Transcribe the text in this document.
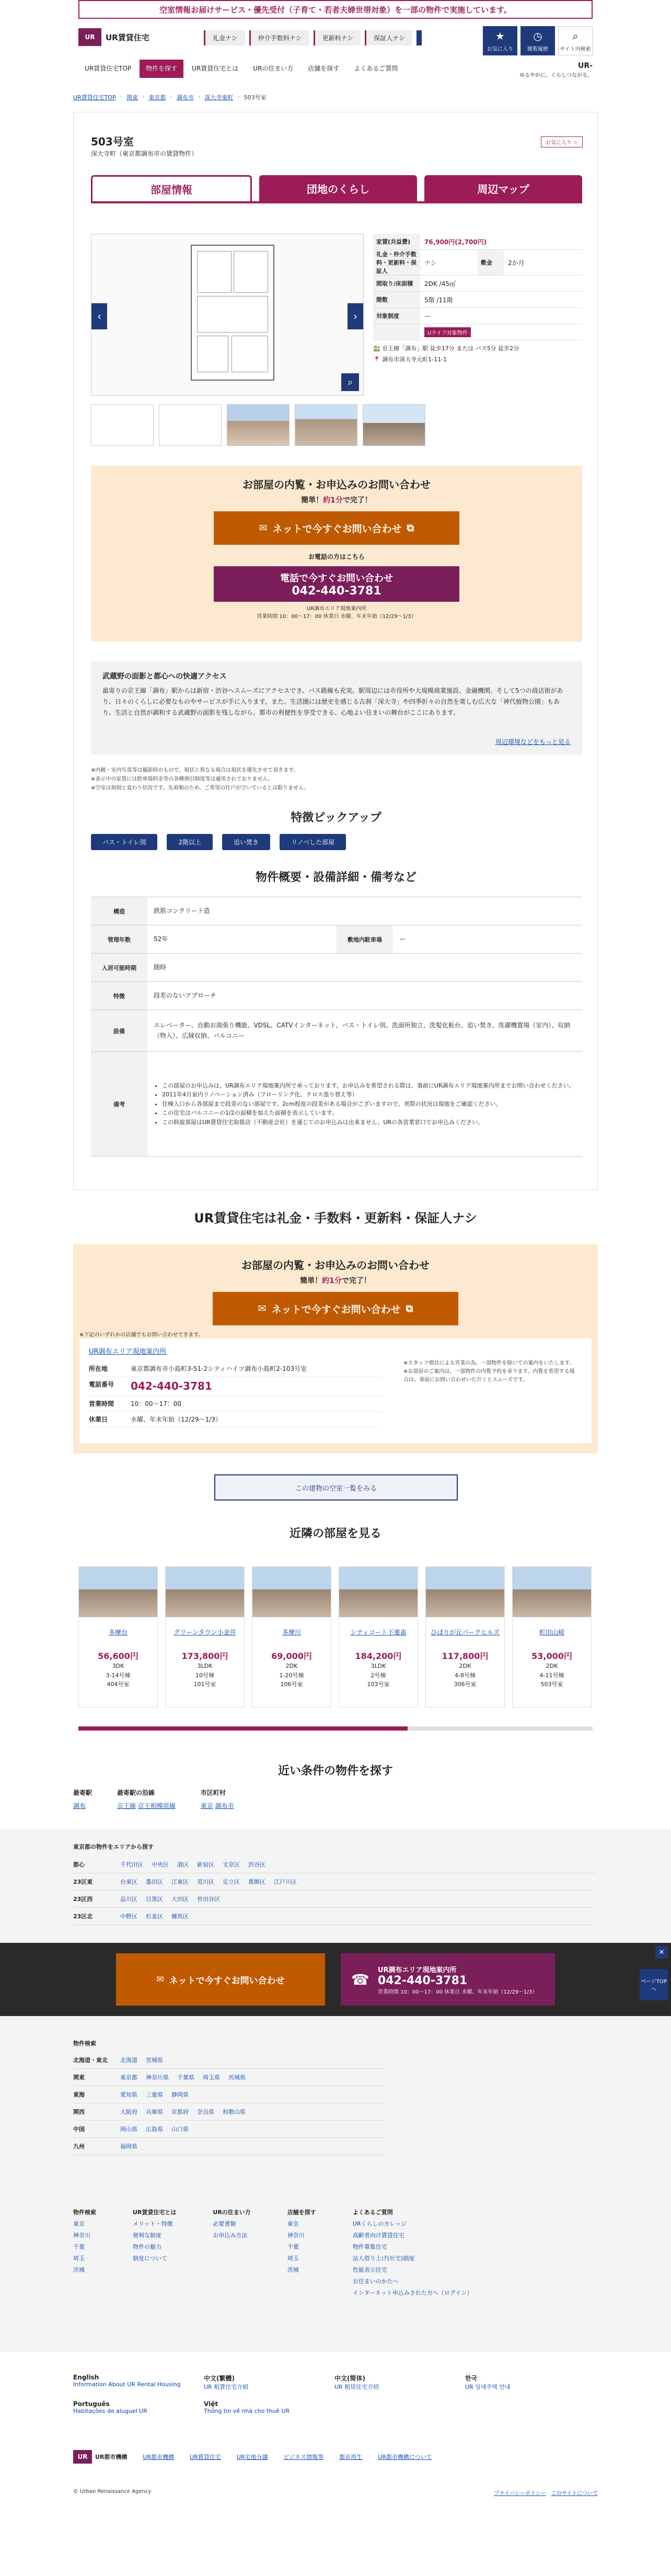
空室情報お届けサービス・優先受付（子育て・若者夫婦世帯対象）を一部の物件で実施しています。
UR	UR賃貸住宅	礼金ナシ	仲介手数料ナシ	更新料ナシ	保証人ナシ	★
お気に入り
◷
閲覧履歴
⌕
サイト内検索
UR賃貸住宅TOP	物件を探す	UR賃貸住宅とは	URの住まい方	店舗を探す	よくあるご質問	UR-
ゆるやかに、くらしつながる。
UR賃貸住宅TOP › 関東 › 東京都 › 調布市 › 深大寺東町 › 503号室
503号室
深大寺町（東京都調布市の賃貸物件）
お気に入り ☆
部屋情報	団地のくらし	周辺マップ
‹	›
⌕
家賃(共益費)	76,900円(2,700円)
礼金・仲介手数料・更新料・保証人
ナシ	敷金	2か月
間取り/床面積	2DK /45㎡
階数	5階 /11階
対象制度	ー
Uライフ対象物件
🚉 京王線「調布」駅 徒歩17分 または バス5分 徒歩2分
📍 調布市深大寺元町1-11-1
お部屋の内覧・お申込みのお問い合わせ
簡単！約1分で完了！
✉ ネットで今すぐお問い合わせ ⧉
お電話の方はこちら
電話で今すぐお問い合わせ
042-440-3781
UR調布エリア現地案内所
営業時間 10：00〜17：00 休業日 水曜、年末年始（12/29〜1/3）
武蔵野の面影と都心への快適アクセス

最寄りの京王線「調布」駅からは新宿・渋谷へスムーズにアクセスでき、バス路線も充実。駅周辺には市役所や大規模商業施設、金融機関、そして5つの商店街があり、日々のくらしに必要なものやサービスが手に入ります。また、生活圏には歴史を感じる古刹「深大寺」や四季折々の自然を楽しむ広大な「神代植物公園」もあり、生活と自然が調和する武蔵野の面影を残しながら、都市の利便性を享受できる、心地よい住まいの舞台がここにあります。

周辺環境などをもっと見る
※内観・室内写真等は撮影時のもので、現状と異なる場合は現状を優先させて頂きます。
※表示中の家賃には駐車場料金等の各種割引制度等は適用されておりません。
※空室は刻刻と変わり状況です。先着順のため、ご希望の住戸が空いているとは限りません。
特徴ピックアップ
バス・トイレ別	2階以上	追い焚き	リノベした部屋
物件概要・設備詳細・備考など
構造	鉄筋コンクリート造
管理年数	52年	敷地内駐車場	ー
入居可能時期	随時
特徴	段差のないアプローチ
設備
エレベーター、自動お湯張り機能、VDSL、CATVインターネット、バス・トイレ別、洗面所独立、洗髪化粧台、追い焚き、洗濯機置場（室内）、収納（物入）、広縁収納、バルコニー
備考
• この部屋のお申込みは、UR調布エリア現地案内所で承っております。お申込みを希望される際は、事前にUR調布エリア現地案内所までお問い合わせください。
• 2011年4月室内リノベーション済み（フローリング化、クロス張り替え等）
• 住棟入口から各部屋まで段差のない部屋です。2cm程度の段差がある場合がございますので、実際の状況は現地をご確認ください。
• この住宅はバルコニーの1/2の面積を加えた面積を表示しています。
• この斡旋部屋はUR賃貸住宅取扱店（不動産会社）を通じてのお申込みは出来ません。URの各営業窓口でお申込みください。
UR賃貸住宅は礼金・手数料・更新料・保証人ナシ
お部屋の内覧・お申込みのお問い合わせ
簡単！約1分で完了！
✉ ネットで今すぐお問い合わせ ⧉
※下記のいずれかの店舗でもお問い合わせできます。
UR調布エリア現地案内所
所在地	東京都調布市小島町3-51-2シティハイツ調布小島町2-103号室
電話番号	042-440-3781
営業時間	10：00〜17：00
休業日	水曜、年末年始（12/29〜1/3）
※スタッフ増員による営業の為、一部物件を除いての案内をいたします。※お部屋のご案内は、一部物件の内覧予約を承ります。内覧を希望する場合は、事前にお問い合わせいただくとスムーズです。
この建物の空室一覧をみる
近隣の部屋を見る
多摩台
56,600円
3DK
3-14号棟
404号室
グリーンタウン小金井
173,800円
3LDK
10号棟
101号室
多摩川
69,000円
2DK
1-20号棟
106号室
シティコート下連雀
184,200円
3LDK
2号棟
103号室
ひばりが丘パークヒルズ
117,800円
2DK
4-8号棟
306号室
町田山崎
53,000円
2DK
4-11号棟
503号室
近い条件の物件を探す
最寄駅
調布
最寄駅の沿線
京王線 京王相模原線
市区町村
東京 調布市
東京都の物件をエリアから探す
都心	千代田区 中央区 港区 新宿区 文京区 渋谷区
23区東	台東区 墨田区 江東区 荒川区 足立区 葛飾区 江戸川区
23区西	品川区 目黒区 大田区 世田谷区
23区北	中野区 杉並区 練馬区
✉ ネットで今すぐお問い合わせ	☎
UR調布エリア現地案内所
042-440-3781
営業時間 10：00〜17：00 休業日 水曜、年末年始（12/29〜1/3）
✕
ページTOPへ
物件検索
北海道・東北	北海道 宮城県
関東	東京都 神奈川県 千葉県 埼玉県 茨城県
東海	愛知県 三重県 静岡県
関西	大阪府 兵庫県 京都府 奈良県 和歌山県
中国	岡山県 広島県 山口県
九州	福岡県
物件検索
東京
神奈川
千葉
埼玉
茨城
UR賃貸住宅とは
メリット・特徴
便利な制度
物件の魅力
制度について
URの住まい方
必要書類
お申込み方法
店舗を探す
東京
神奈川
千葉
埼玉
茨城
よくあるご質問
URくらしのカレッジ
高齢者向け賃貸住宅
物件募集住宅
法人借り上げ(社宅)制度
性能表示住宅
お住まいのかたへ
インターネット申込みされた方へ（ログイン）
English
Information About UR Rental Housing
中文(繁體)
UR 租賃住宅介紹
中文(简体)
UR 租赁住宅介绍
한국
UR 임대주택 안내
Português
Habitações de aluguel UR
Việt
Thông tin về nhà cho thuê UR
UR	UR都市機構	UR都市機構	UR賃貸住宅	UR宅地分譲	ビジネス情報等	都市再生	UR都市機構について
© Urban Renaissance Agency	プライバシーポリシー　 このサイトについて
